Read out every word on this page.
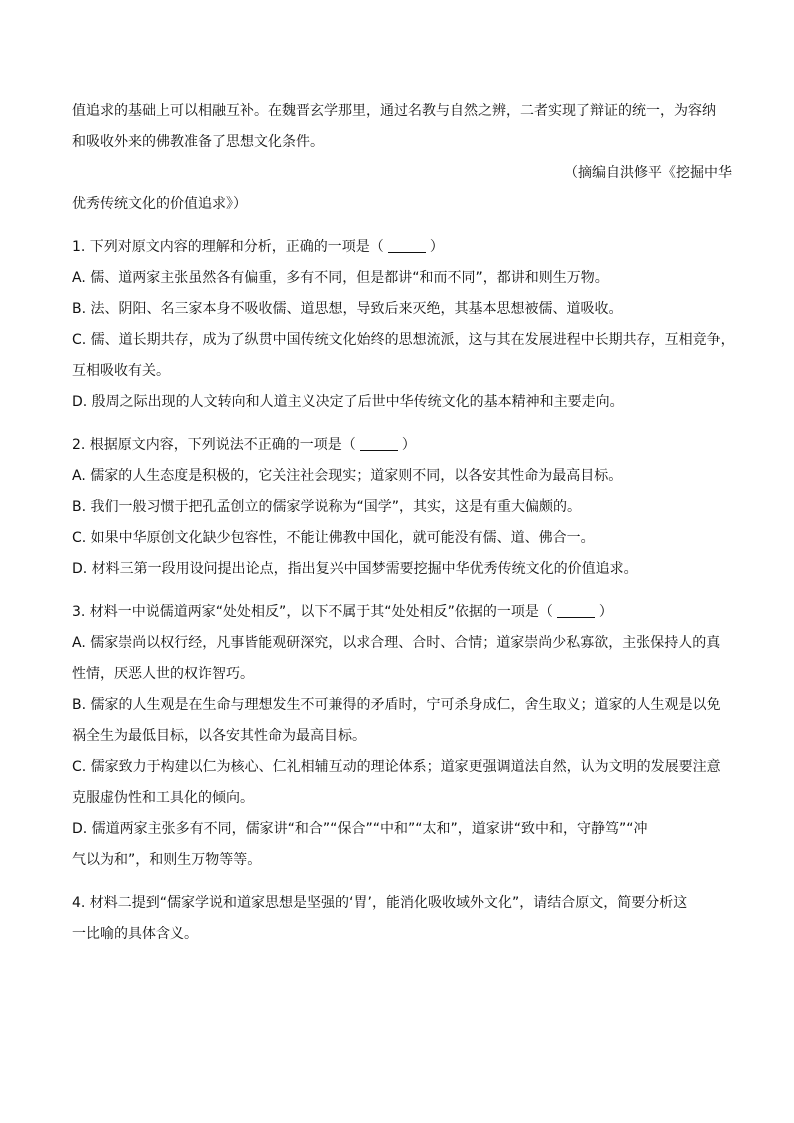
值追求的基础上可以相融互补。在魏晋玄学那里，通过名教与自然之辨，二者实现了辩证的统一，为容纳
和吸收外来的佛教准备了思想文化条件。
（摘编自洪修平《挖掘中华
优秀传统文化的价值追求》）
1. 下列对原文内容的理解和分析，正确的一项是（	）
A. 儒、道两家主张虽然各有偏重，多有不同，但是都讲“和而不同”，都讲和则生万物。
B. 法、阴阳、名三家本身不吸收儒、道思想，导致后来灭绝，其基本思想被儒、道吸收。
C. 儒、道长期共存，成为了纵贯中国传统文化始终的思想流派，这与其在发展进程中长期共存，互相竞争，
互相吸收有关。
D. 殷周之际出现的人文转向和人道主义决定了后世中华传统文化的基本精神和主要走向。
2. 根据原文内容，下列说法不正确的一项是（	）
A. 儒家的人生态度是积极的，它关注社会现实；道家则不同，以各安其性命为最高目标。
B. 我们一般习惯于把孔孟创立的儒家学说称为“国学”，其实，这是有重大偏颇的。
C. 如果中华原创文化缺少包容性，不能让佛教中国化，就可能没有儒、道、佛合一。
D. 材料三第一段用设问提出论点，指出复兴中国梦需要挖掘中华优秀传统文化的价值追求。
3. 材料一中说儒道两家“处处相反”，以下不属于其“处处相反”依据的一项是（	）
A. 儒家崇尚以权行经，凡事皆能观研深究，以求合理、合时、合情；道家崇尚少私寡欲，主张保持人的真
性情，厌恶人世的权诈智巧。
B. 儒家的人生观是在生命与理想发生不可兼得的矛盾时，宁可杀身成仁，舍生取义；道家的人生观是以免
祸全生为最低目标，以各安其性命为最高目标。
C. 儒家致力于构建以仁为核心、仁礼相辅互动的理论体系；道家更强调道法自然，认为文明的发展要注意
克服虚伪性和工具化的倾向。
D. 儒道两家主张多有不同，儒家讲“和合”“保合”“中和”“太和”，道家讲“致中和，守静笃”“冲
气以为和”，和则生万物等等。
4. 材料二提到“儒家学说和道家思想是坚强的‘胃’，能消化吸收域外文化”，请结合原文，简要分析这
一比喻的具体含义。
